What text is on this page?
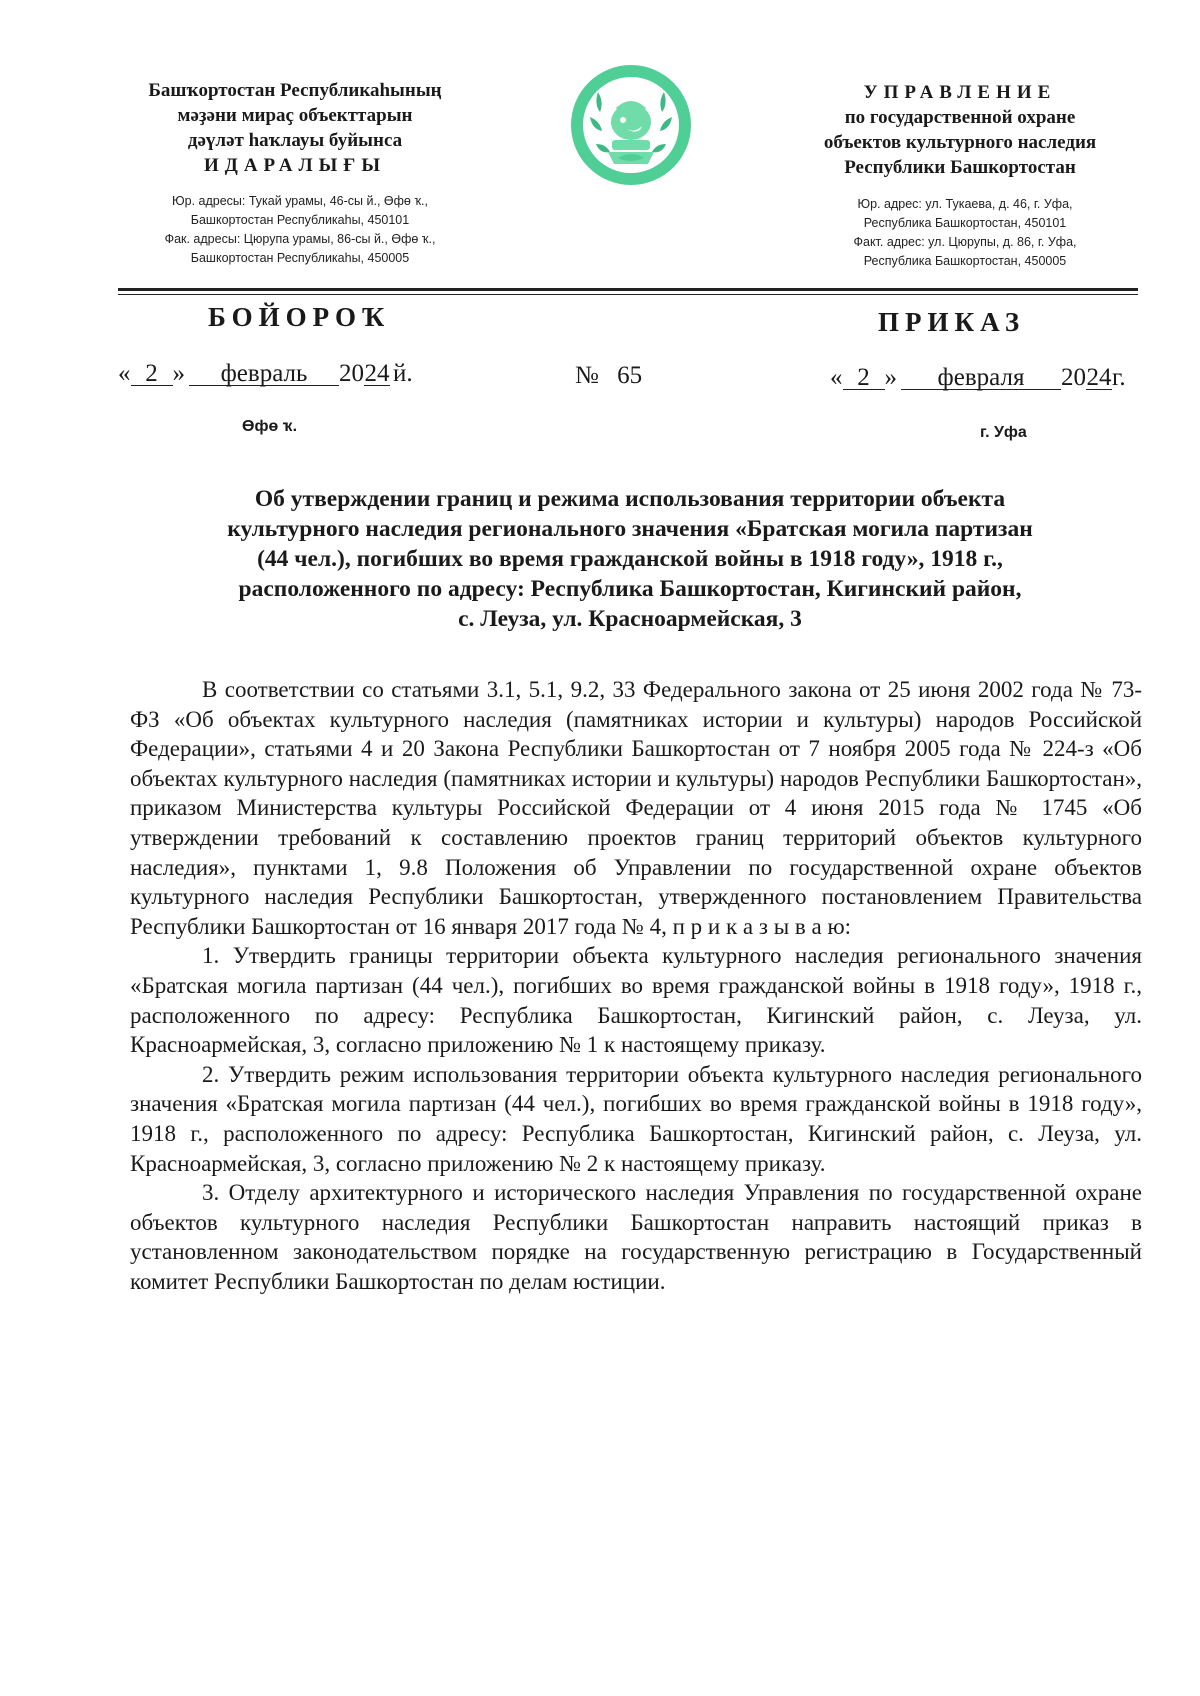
Башҡортостан Республикаһының
мәҙәни мираҫ объекттарын
дәүләт һаҡлауы буйынса
ИДАРАЛЫҒЫ
Юр. адресы: Тукай урамы, 46-сы й., Өфө ҡ.,
Башкортостан Республикаһы, 450101
Фак. адресы: Цюрупа урамы, 86-сы й., Өфө ҡ.,
Башкортостан Республикаһы, 450005
УПРАВЛЕНИЕ
по государственной охране
объектов культурного наследия
Республики Башкортостан
Юр. адрес: ул. Тукаева, д. 46, г. Уфа,
Республика Башкортостан, 450101
Факт. адрес: ул. Цюрупы, д. 86, г. Уфа,
Республика Башкортостан, 450005
БОЙОРОҠ	ПРИКАЗ
« 2 » февраль 2024 й.	№ 65	« 2 » февраля 2024г.
Өфө ҡ.	г. Уфа
Об утверждении границ и режима использования территории объекта
культурного наследия регионального значения «Братская могила партизан
(44 чел.), погибших во время гражданской войны в 1918 году», 1918 г.,
расположенного по адресу: Республика Башкортостан, Кигинский район,
с. Леуза, ул. Красноармейская, 3

В соответствии со статьями 3.1, 5.1, 9.2, 33 Федерального закона от 25 июня 2002 года № 73-ФЗ «Об объектах культурного наследия (памятниках истории и культуры) народов Российской Федерации», статьями 4 и 20 Закона Республики Башкортостан от 7 ноября 2005 года № 224-з «Об объектах культурного наследия (памятниках истории и культуры) народов Республики Башкортостан», приказом Министерства культуры Российской Федерации от 4 июня 2015 года № 1745 «Об утверждении требований к составлению проектов границ территорий объектов культурного наследия», пунктами 1, 9.8 Положения об Управлении по государственной охране объектов культурного наследия Республики Башкортостан, утвержденного постановлением Правительства Республики Башкортостан от 16 января 2017 года № 4, п р и к а з ы в а ю:

1. Утвердить границы территории объекта культурного наследия регионального значения «Братская могила партизан (44 чел.), погибших во время гражданской войны в 1918 году», 1918 г., расположенного по адресу: Республика Башкортостан, Кигинский район, с. Леуза, ул. Красноармейская, 3, согласно приложению № 1 к настоящему приказу.

2. Утвердить режим использования территории объекта культурного наследия регионального значения «Братская могила партизан (44 чел.), погибших во время гражданской войны в 1918 году», 1918 г., расположенного по адресу: Республика Башкортостан, Кигинский район, с. Леуза, ул. Красноармейская, 3, согласно приложению № 2 к настоящему приказу.

3. Отделу архитектурного и исторического наследия Управления по государственной охране объектов культурного наследия Республики Башкортостан направить настоящий приказ в установленном законодательством порядке на государственную регистрацию в Государственный комитет Республики Башкортостан по делам юстиции.
